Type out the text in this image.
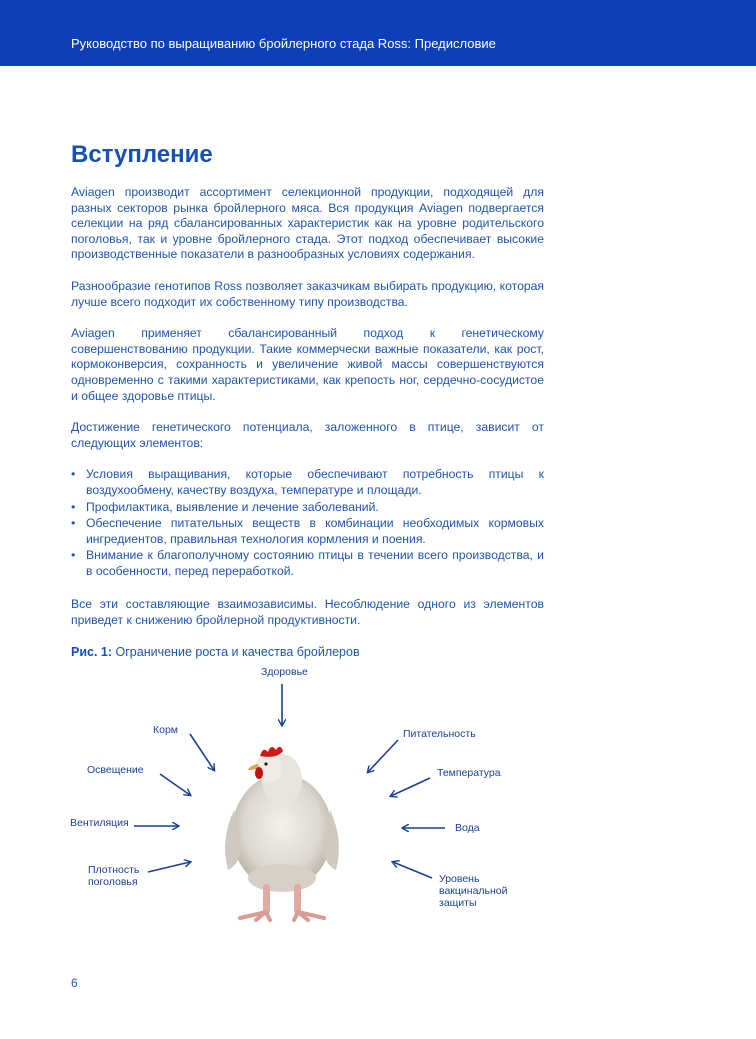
Руководство по выращиванию бройлерного стада Ross: Предисловие
Вступление

Aviagen производит ассортимент селекционной продукции, подходящей для разных секторов рынка бройлерного мяса. Вся продукция Aviagen подвергается селекции на ряд сбалансированных характеристик как на уровне родительского поголовья, так и уровне бройлерного стада. Этот подход обеспечивает высокие производственные показатели в разнообразных условиях содержания.

Разнообразие генотипов Ross позволяет заказчикам выбирать продукцию, которая лучше всего подходит их собственному типу производства.

Aviagen применяет сбалансированный подход к генетическому совершенствованию продукции. Такие коммерчески важные показатели, как рост, кормоконверсия, сохранность и увеличение живой массы совершенствуются одновременно с такими характеристиками, как крепость ног, сердечно-сосудистое и общее здоровье птицы.

Достижение генетического потенциала, заложенного в птице, зависит от следующих элементов:

• Условия выращивания, которые обеспечивают потребность птицы к воздухообмену, качеству воздуха, температуре и площади.
• Профилактика, выявление и лечение заболеваний.
• Обеспечение питательных веществ в комбинации необходимых кормовых ингредиентов, правильная технология кормления и поения.
• Внимание к благополучному состоянию птицы в течении всего производства, и в особенности, перед переработкой.

Все эти составляющие взаимозависимы. Несоблюдение одного из элементов приведет к снижению бройлерной продуктивности.

Рис. 1: Ограничение роста и качества бройлеров
Здоровье
Корм
Освещение
Вентиляция
Плотность
поголовья
Питательность
Температура
Вода
Уровень
вакцинальной
защиты
6
